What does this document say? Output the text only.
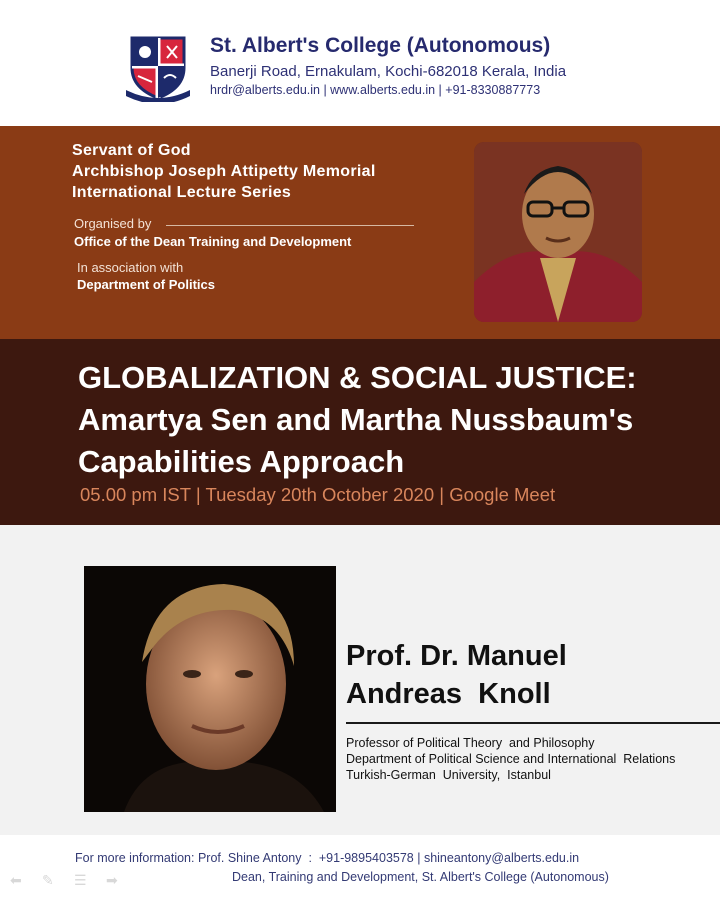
St. Albert's College (Autonomous)
Banerji Road, Ernakulam, Kochi-682018 Kerala, India
hrdr@alberts.edu.in | www.alberts.edu.in | +91-8330887773
Servant of God
Archbishop Joseph Attipetty Memorial
International Lecture Series
Organised by
Office of the Dean Training and Development
In association with
Department of Politics
GLOBALIZATION & SOCIAL JUSTICE:
Amartya Sen and Martha Nussbaum's
Capabilities Approach
05.00 pm IST | Tuesday 20th October 2020 | Google Meet
Prof. Dr. Manuel
Andreas  Knoll
Professor of Political Theory  and Philosophy
Department of Political Science and International  Relations
Turkish-German  University,  Istanbul
For more information: Prof. Shine Antony  :  +91-9895403578 | shineantony@alberts.edu.in
Dean, Training and Development, St. Albert's College (Autonomous)
⬅ ✎ ☰ ➡
